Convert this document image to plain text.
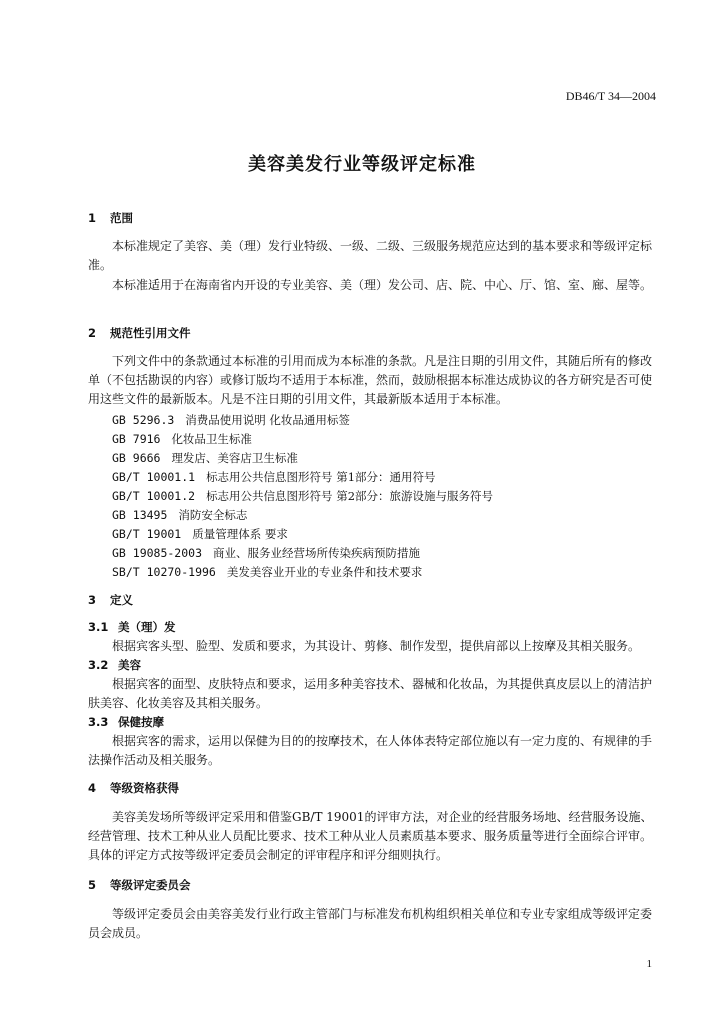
DB46/T 34—2004
美容美发行业等级评定标准
1 范围
本标准规定了美容、美（理）发行业特级、一级、二级、三级服务规范应达到的基本要求和等级评定标准。
本标准适用于在海南省内开设的专业美容、美（理）发公司、店、院、中心、厅、馆、室、廊、屋等。
2 规范性引用文件
下列文件中的条款通过本标准的引用而成为本标准的条款。凡是注日期的引用文件，其随后所有的修改单（不包括勘误的内容）或修订版均不适用于本标准，然而，鼓励根据本标准达成协议的各方研究是否可使用这些文件的最新版本。凡是不注日期的引用文件，其最新版本适用于本标准。
GB 5296.3 消费品使用说明 化妆品通用标签
GB 7916 化妆品卫生标准
GB 9666 理发店、美容店卫生标准
GB/T 10001.1 标志用公共信息图形符号 第1部分：通用符号
GB/T 10001.2 标志用公共信息图形符号 第2部分：旅游设施与服务符号
GB 13495 消防安全标志
GB/T 19001 质量管理体系 要求
GB 19085-2003 商业、服务业经营场所传染疾病预防措施
SB/T 10270-1996 美发美容业开业的专业条件和技术要求
3 定义
3.1 美（理）发
根据宾客头型、脸型、发质和要求，为其设计、剪修、制作发型，提供肩部以上按摩及其相关服务。
3.2 美容
根据宾客的面型、皮肤特点和要求，运用多种美容技术、器械和化妆品，为其提供真皮层以上的清洁护肤美容、化妆美容及其相关服务。
3.3 保健按摩
根据宾客的需求，运用以保健为目的的按摩技术，在人体体表特定部位施以有一定力度的、有规律的手法操作活动及相关服务。
4 等级资格获得
美容美发场所等级评定采用和借鉴GB/T 19001的评审方法，对企业的经营服务场地、经营服务设施、经营管理、技术工种从业人员配比要求、技术工种从业人员素质基本要求、服务质量等进行全面综合评审。具体的评定方式按等级评定委员会制定的评审程序和评分细则执行。
5 等级评定委员会
等级评定委员会由美容美发行业行政主管部门与标准发布机构组织相关单位和专业专家组成等级评定委员会成员。
1
